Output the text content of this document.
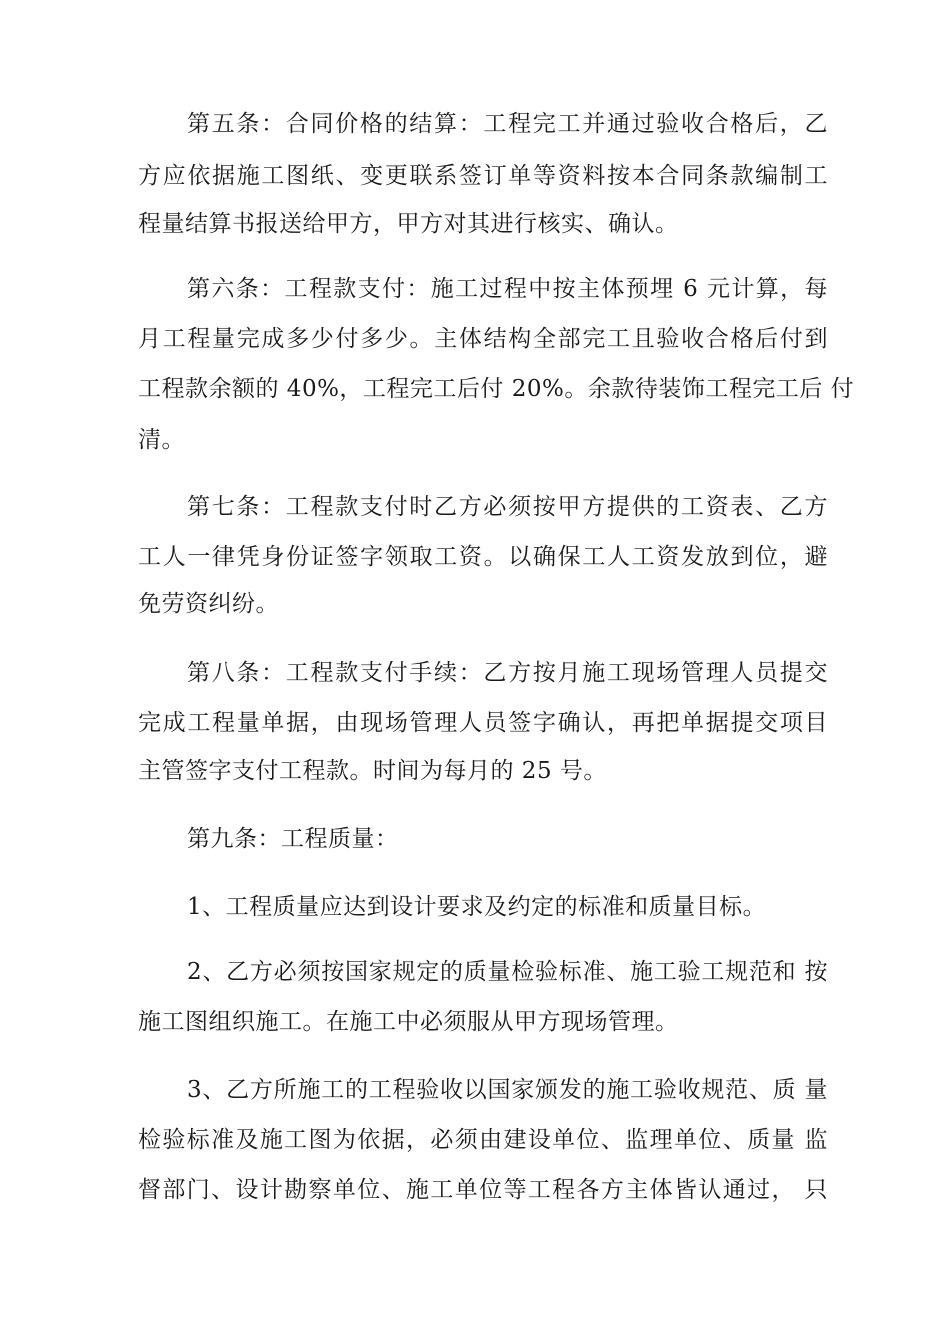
第五条：合同价格的结算：工程完工并通过验收合格后，乙

方应依据施工图纸、变更联系签订单等资料按本合同条款编制工

程量结算书报送给甲方，甲方对其进行核实、确认。

第六条：工程款支付：施工过程中按主体预埋 6 元计算，每

月工程量完成多少付多少。主体结构全部完工且验收合格后付到

工程款余额的 40%，工程完工后付 20%。余款待装饰工程完工后 付

清。

第七条：工程款支付时乙方必须按甲方提供的工资表、乙方

工人一律凭身份证签字领取工资。以确保工人工资发放到位，避

免劳资纠纷。

第八条：工程款支付手续：乙方按月施工现场管理人员提交

完成工程量单据，由现场管理人员签字确认，再把单据提交项目

主管签字支付工程款。时间为每月的 25 号。

第九条：工程质量：

1、工程质量应达到设计要求及约定的标准和质量目标。

2、乙方必须按国家规定的质量检验标准、施工验工规范和 按

施工图组织施工。在施工中必须服从甲方现场管理。

3、乙方所施工的工程验收以国家颁发的施工验收规范、质 量

检验标准及施工图为依据，必须由建设单位、监理单位、质量 监

督部门、设计勘察单位、施工单位等工程各方主体皆认通过， 只
